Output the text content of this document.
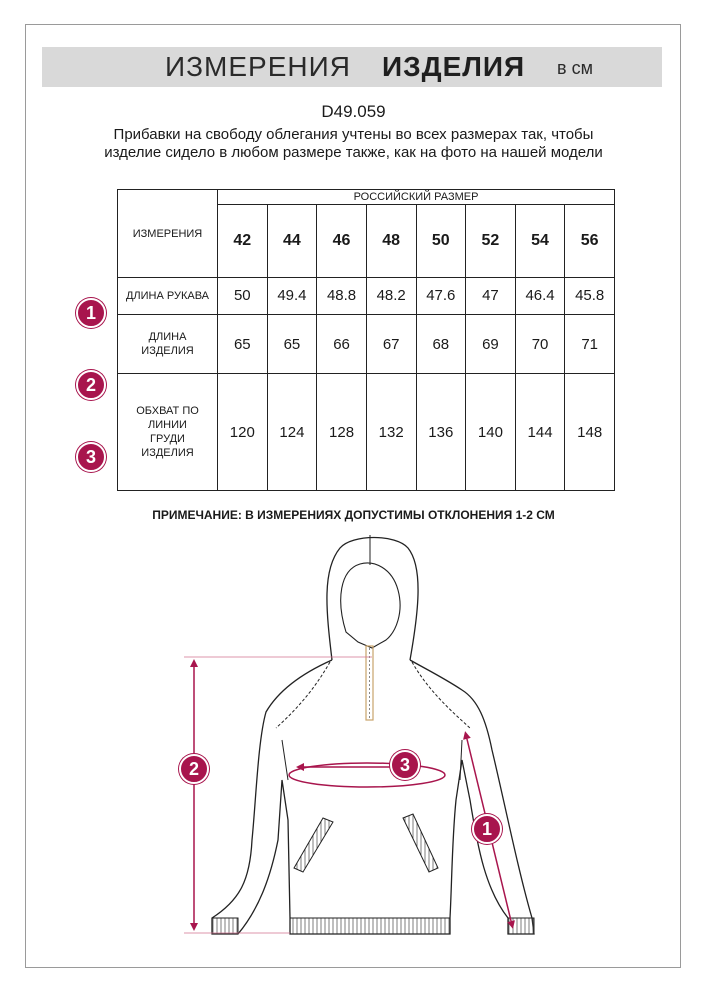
ИЗМЕРЕНИЯ ИЗДЕЛИЯ в см
D49.059
Прибавки на свободу облегания учтены во всех размерах так, чтобы изделие сидело в любом размере также, как на фото на нашей модели
ИЗМЕРЕНИЯ	РОССИЙСКИЙ РАЗМЕР							
	42	44	46	48	50	52	54	56
ДЛИНА РУКАВА	50	49.4	48.8	48.2	47.6	47	46.4	45.8
ДЛИНА ИЗДЕЛИЯ	65	65	66	67	68	69	70	71
ОБХВАТ ПО ЛИНИИ ГРУДИ ИЗДЕЛИЯ	120	124	128	132	136	140	144	148
1
2
3
ПРИМЕЧАНИЕ: В ИЗМЕРЕНИЯХ ДОПУСТИМЫ ОТКЛОНЕНИЯ 1-2 СМ
2	3
1
